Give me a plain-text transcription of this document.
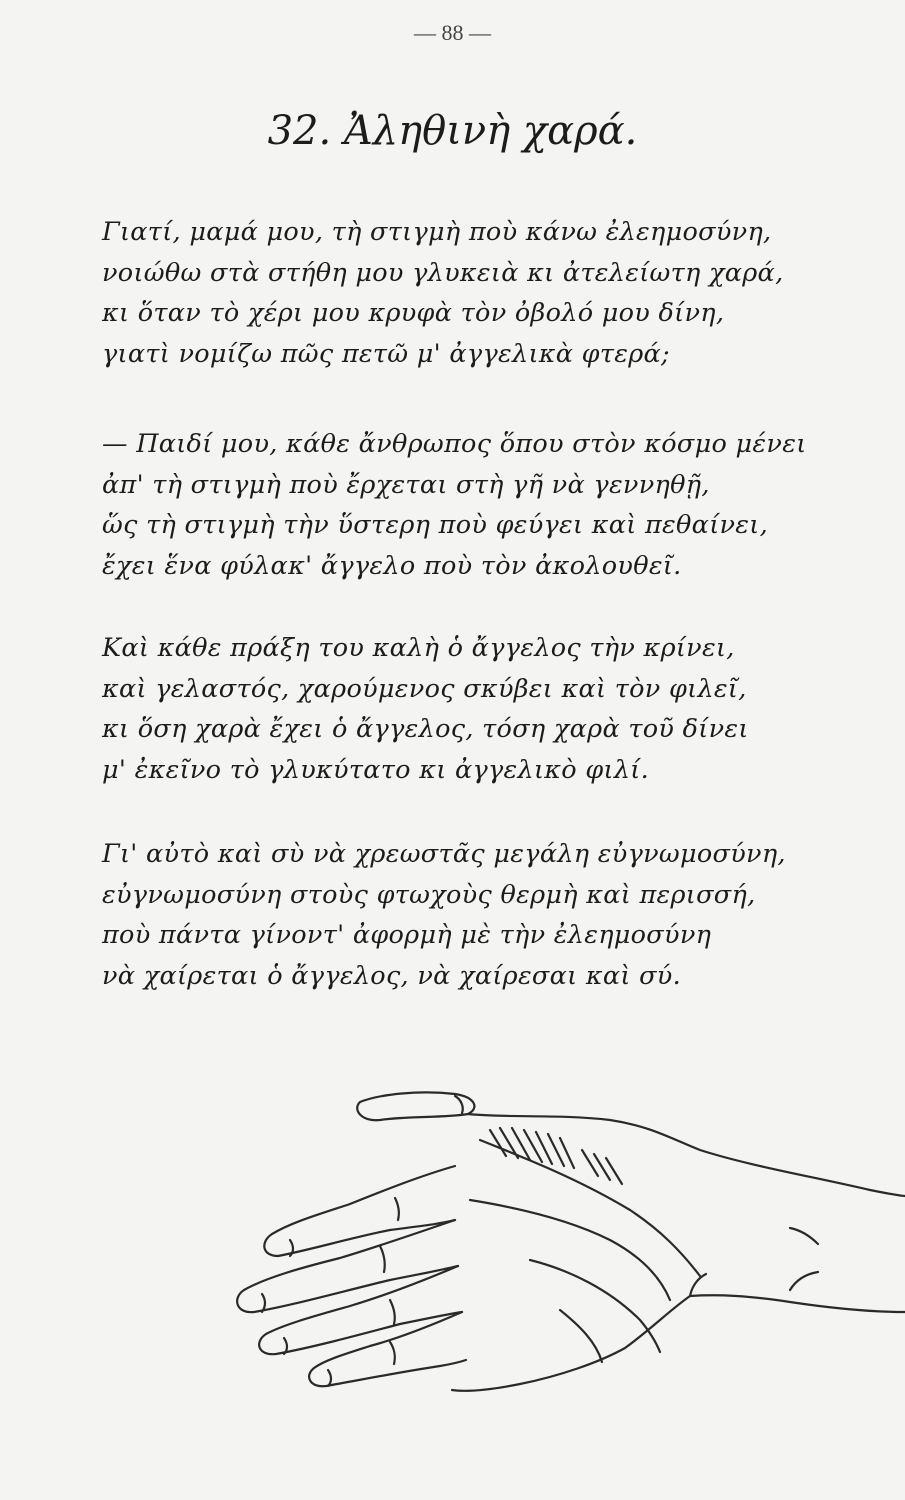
— 88 —
32. Ἀληθινὴ χαρά.
Γιατί, μαμά μου, τὴ στιγμὴ ποὺ κάνω ἐλεημοσύνη,
νοιώθω στὰ στήθη μου γλυκειὰ κι ἀτελείωτη χαρά,
κι ὅταν τὸ χέρι μου κρυφὰ τὸν ὀβολό μου δίνη,
γιατὶ νομίζω πῶς πετῶ μ' ἀγγελικὰ φτερά;
— Παιδί μου, κάθε ἄνθρωπος ὅπου στὸν κόσμο μένει
ἀπ' τὴ στιγμὴ ποὺ ἔρχεται στὴ γῆ νὰ γεννηθῇ,
ὥς τὴ στιγμὴ τὴν ὕστερη ποὺ φεύγει καὶ πεθαίνει,
ἔχει ἕνα φύλακ' ἄγγελο ποὺ τὸν ἀκολουθεῖ.
Καὶ κάθε πράξη του καλὴ ὁ ἄγγελος τὴν κρίνει,
καὶ γελαστός, χαρούμενος σκύβει καὶ τὸν φιλεῖ,
κι ὅση χαρὰ ἔχει ὁ ἄγγελος, τόση χαρὰ τοῦ δίνει
μ' ἐκεῖνο τὸ γλυκύτατο κι ἀγγελικὸ φιλί.
Γι' αὐτὸ καὶ σὺ νὰ χρεωστᾶς μεγάλη εὐγνωμοσύνη,
εὐγνωμοσύνη στοὺς φτωχοὺς θερμὴ καὶ περισσή,
ποὺ πάντα γίνοντ' ἀφορμὴ μὲ τὴν ἐλεημοσύνη
νὰ χαίρεται ὁ ἄγγελος, νὰ χαίρεσαι καὶ σύ.
